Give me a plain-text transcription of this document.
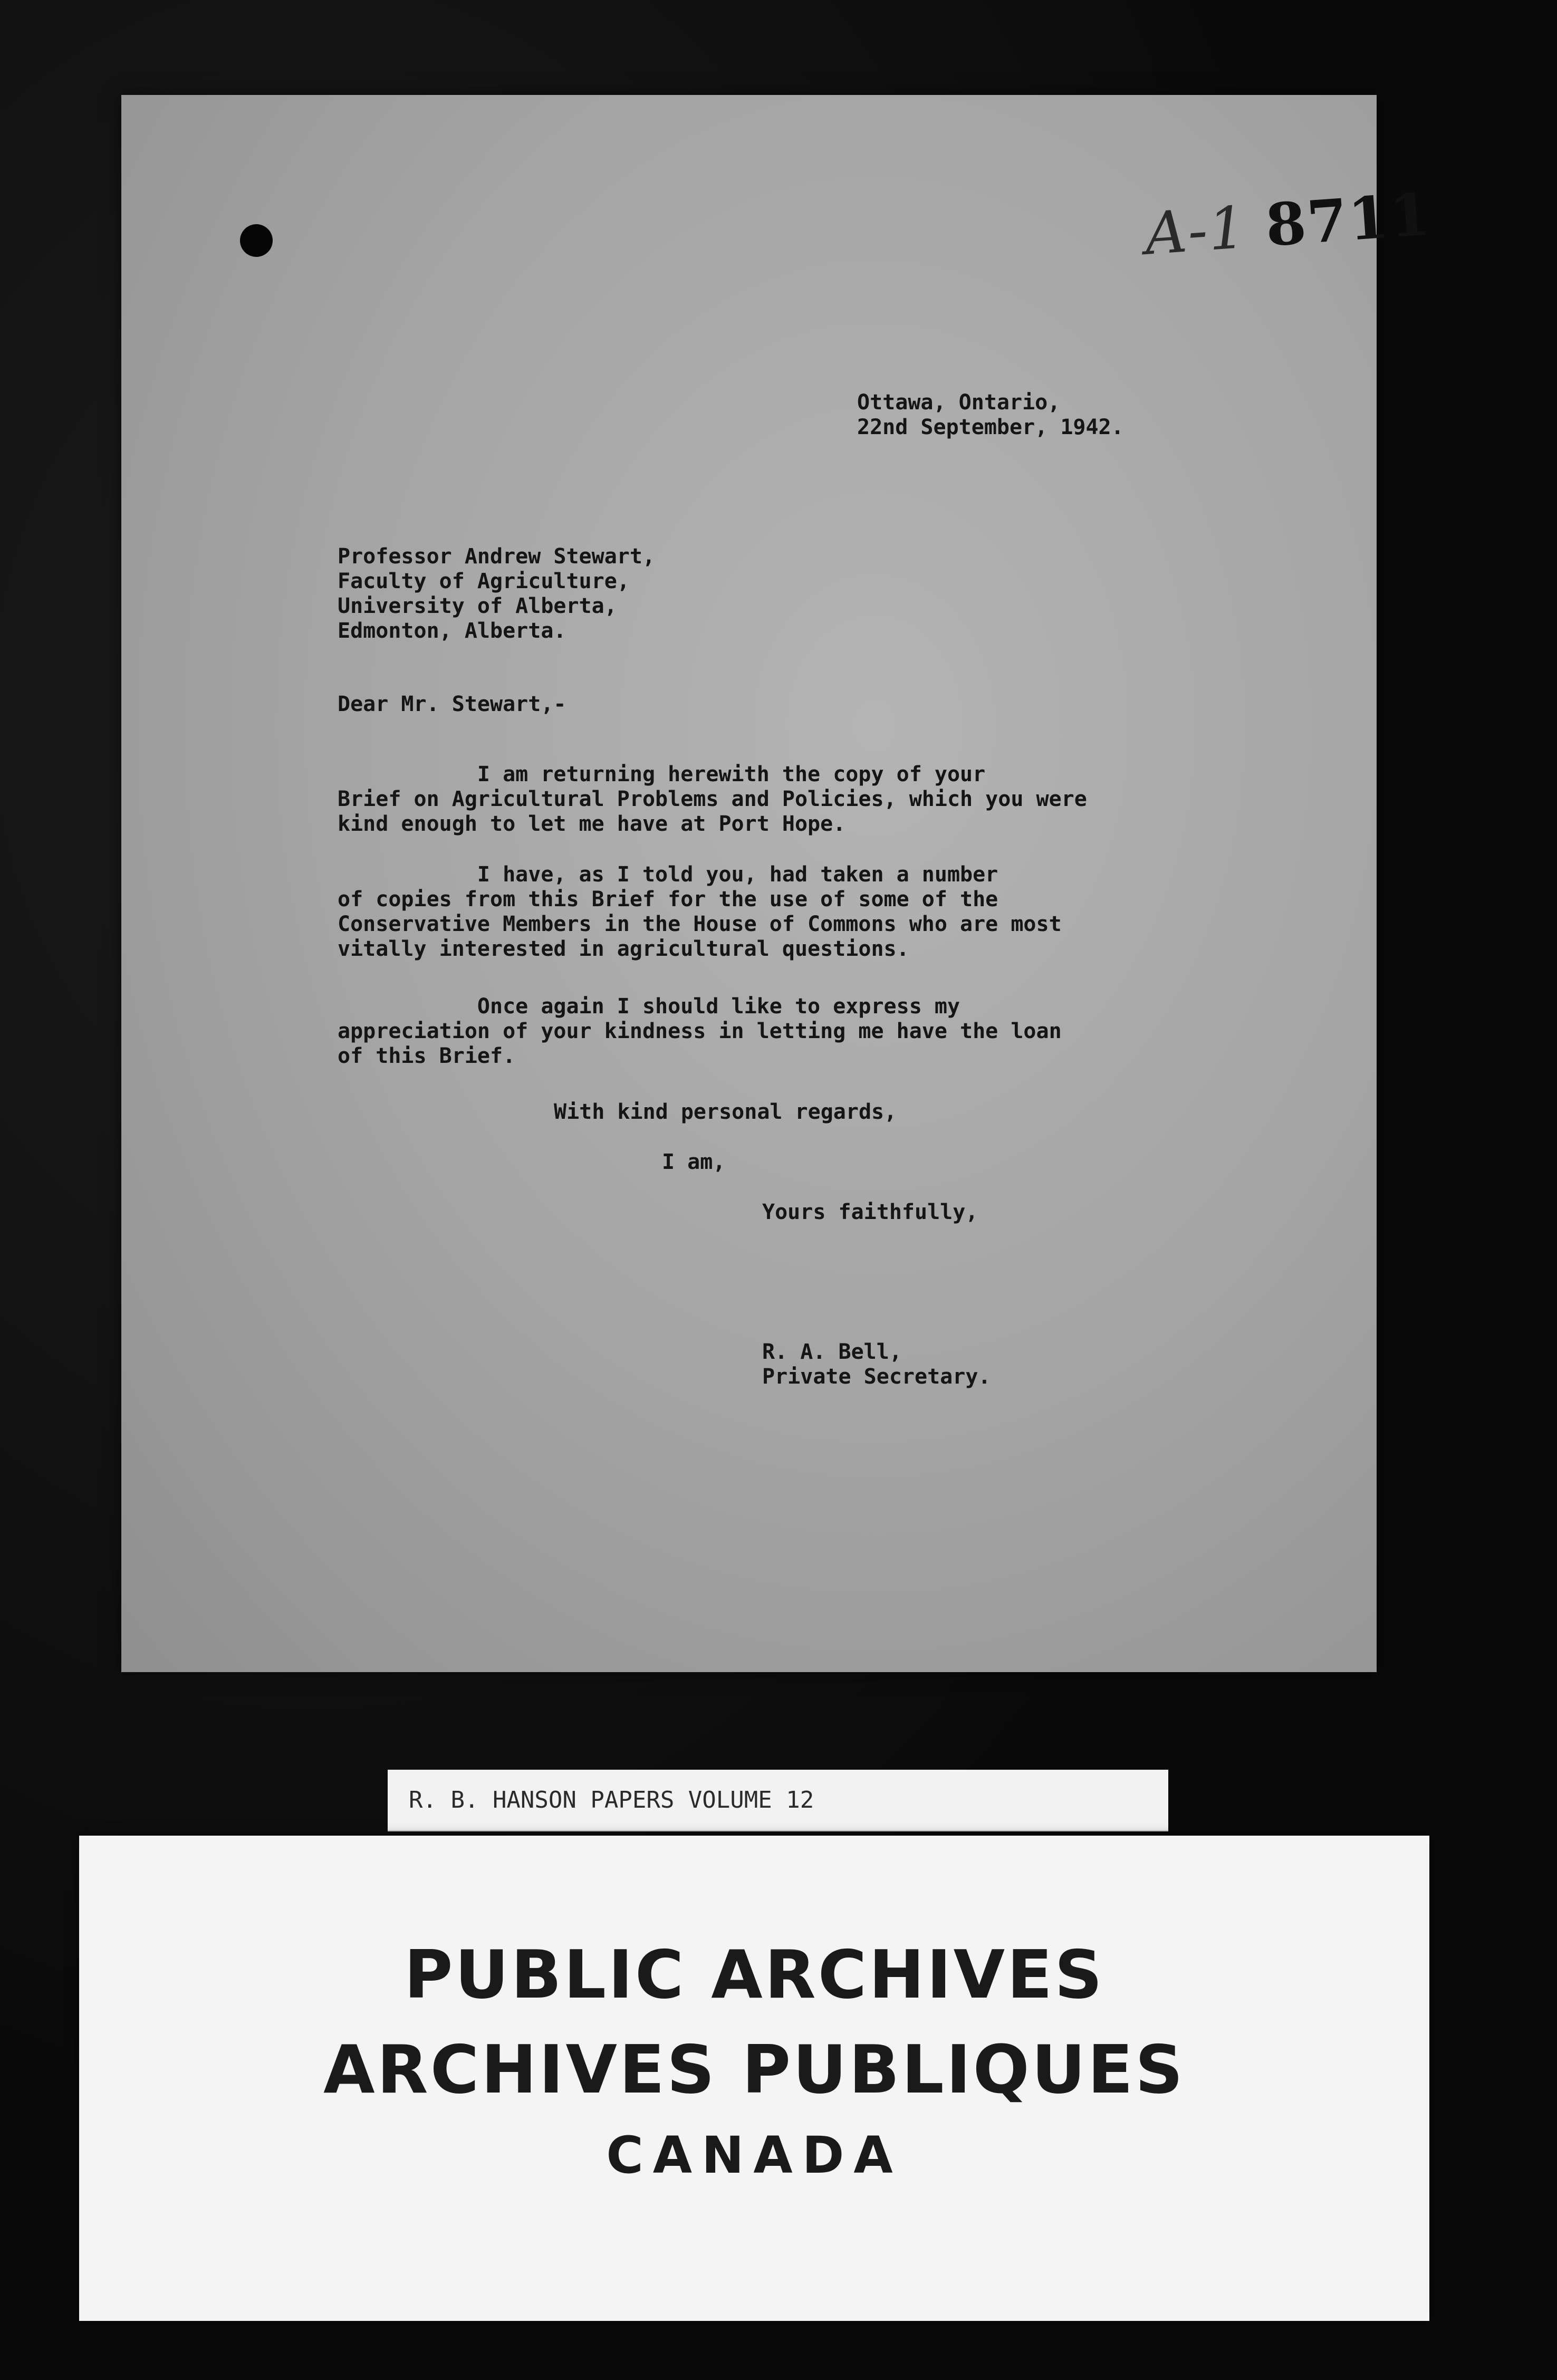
A-1 8711
Ottawa, Ontario,
22nd September, 1942.
Professor Andrew Stewart,
Faculty of Agriculture,
University of Alberta,
Edmonton, Alberta.
Dear Mr. Stewart,-
I am returning herewith the copy of your
Brief on Agricultural Problems and Policies, which you were
kind enough to let me have at Port Hope.
I have, as I told you, had taken a number
of copies from this Brief for the use of some of the
Conservative Members in the House of Commons who are most
vitally interested in agricultural questions.
Once again I should like to express my
appreciation of your kindness in letting me have the loan
of this Brief.
With kind personal regards,
I am,
Yours faithfully,
R. A. Bell,
Private Secretary.
R. B. HANSON PAPERS VOLUME 12
PUBLIC ARCHIVES
ARCHIVES PUBLIQUES
CANADA
